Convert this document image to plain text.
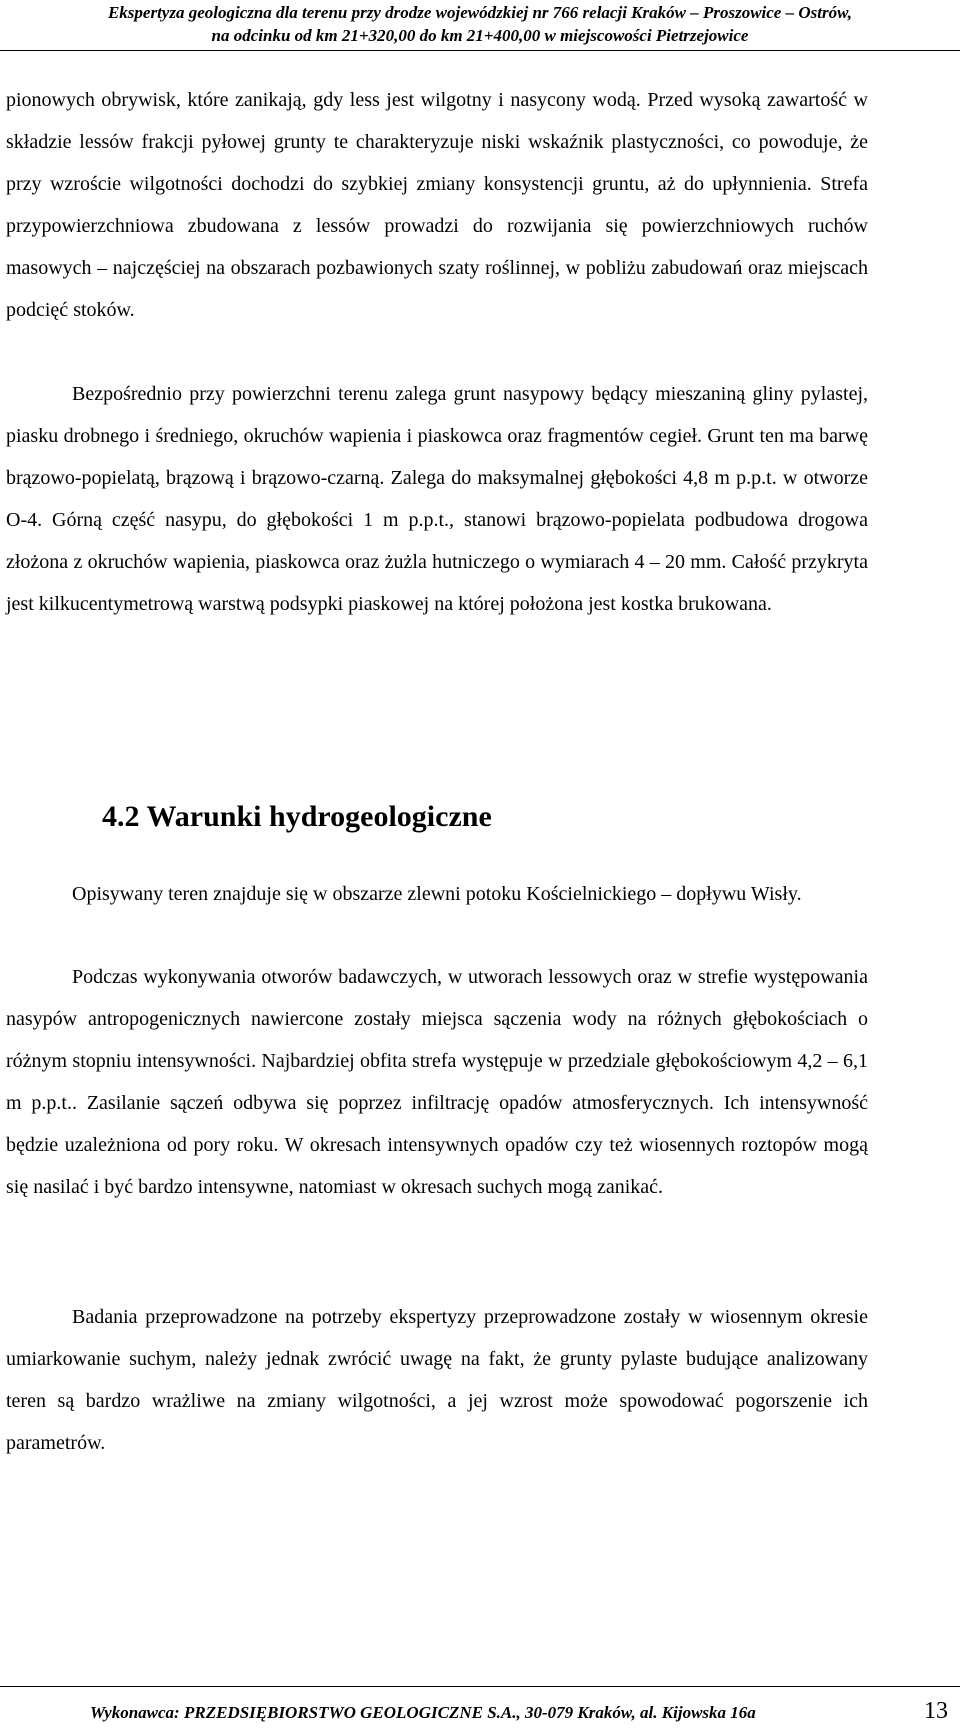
Ekspertyza geologiczna dla terenu przy drodze wojewódzkiej nr 766 relacji Kraków – Proszowice – Ostrów,
na odcinku od km 21+320,00 do km 21+400,00 w miejscowości Pietrzejowice

pionowych obrywisk, które zanikają, gdy less jest wilgotny i nasycony wodą. Przed wysoką zawartość w składzie lessów frakcji pyłowej grunty te charakteryzuje niski wskaźnik plastyczności, co powoduje, że przy wzroście wilgotności dochodzi do szybkiej zmiany konsystencji gruntu, aż do upłynnienia. Strefa przypowierzchniowa zbudowana z lessów prowadzi do rozwijania się powierzchniowych ruchów masowych – najczęściej na obszarach pozbawionych szaty roślinnej, w pobliżu zabudowań oraz miejscach podcięć stoków.

Bezpośrednio przy powierzchni terenu zalega grunt nasypowy będący mieszaniną gliny pylastej, piasku drobnego i średniego, okruchów wapienia i piaskowca oraz fragmentów cegieł. Grunt ten ma barwę brązowo-popielatą, brązową i brązowo-czarną. Zalega do maksymalnej głębokości 4,8 m p.p.t. w otworze O-4. Górną część nasypu, do głębokości 1 m p.p.t., stanowi brązowo-popielata podbudowa drogowa złożona z okruchów wapienia, piaskowca oraz żużla hutniczego o wymiarach 4 – 20 mm. Całość przykryta jest kilkucentymetrową warstwą podsypki piaskowej na której położona jest kostka brukowana.

4.2 Warunki hydrogeologiczne

Opisywany teren znajduje się w obszarze zlewni potoku Kościelnickiego – dopływu Wisły.

Podczas wykonywania otworów badawczych, w utworach lessowych oraz w strefie występowania nasypów antropogenicznych nawiercone zostały miejsca sączenia wody na różnych głębokościach o różnym stopniu intensywności. Najbardziej obfita strefa występuje w przedziale głębokościowym 4,2 – 6,1 m p.p.t.. Zasilanie sączeń odbywa się poprzez infiltrację opadów atmosferycznych. Ich intensywność będzie uzależniona od pory roku. W okresach intensywnych opadów czy też wiosennych roztopów mogą się nasilać i być bardzo intensywne, natomiast w okresach suchych mogą zanikać.

Badania przeprowadzone na potrzeby ekspertyzy przeprowadzone zostały w wiosennym okresie umiarkowanie suchym, należy jednak zwrócić uwagę na fakt, że grunty pylaste budujące analizowany teren są bardzo wrażliwe na zmiany wilgotności, a jej wzrost może spowodować pogorszenie ich parametrów.

Wykonawca: PRZEDSIĘBIORSTWO GEOLOGICZNE S.A., 30-079 Kraków, al. Kijowska 16a	13
